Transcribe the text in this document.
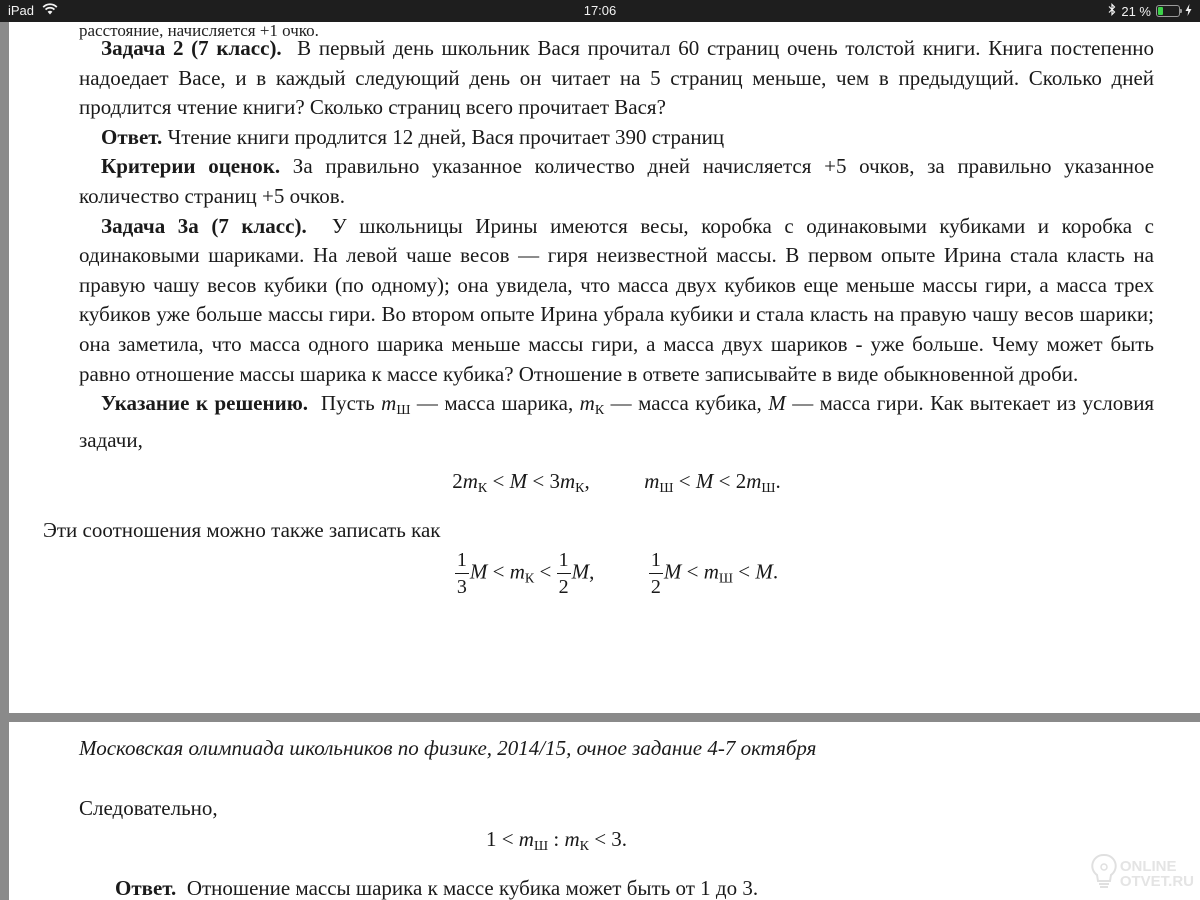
iPad	17:06	21 %
расстояние, начисляется +1 очко.

Задача 2 (7 класс). В первый день школьник Вася прочитал 60 страниц очень толстой книги. Книга постепенно надоедает Васе, и в каждый следующий день он читает на 5 страниц меньше, чем в предыдущий. Сколько дней продлится чтение книги? Сколько страниц всего прочитает Вася?

Ответ. Чтение книги продлится 12 дней, Вася прочитает 390 страниц

Критерии оценок. За правильно указанное количество дней начисляется +5 очков, за правильно указанное количество страниц +5 очков.

Задача 3а (7 класс). У школьницы Ирины имеются весы, коробка с одинаковыми кубиками и коробка с одинаковыми шариками. На левой чаше весов — гиря неизвестной массы. В первом опыте Ирина стала класть на правую чашу весов кубики (по одному); она увидела, что масса двух кубиков еще меньше массы гири, а масса трех кубиков уже больше массы гири. Во втором опыте Ирина убрала кубики и стала класть на правую чашу весов шарики; она заметила, что масса одного шарика меньше массы гири, а масса двух шариков - уже больше. Чему может быть равно отношение массы шарика к массе кубика? Отношение в ответе записывайте в виде обыкновенной дроби.

Указание к решению. Пусть $m_Ш$ — масса шарика, $m_К$ — масса кубика, M — масса гири. Как вытекает из условия задачи,

$2m_К < M < 3m_К$,	$m_Ш < M < 2m_Ш$.

Эти соотношения можно также записать как

$\frac{1}{3}$ $M < m_К < \frac{1}{2} M$,	$\frac{1}{2}$ $M < m_Ш < M$.

Московская олимпиада школьников по физике, 2014/15, очное задание 4-7 октября

Следовательно,

$1 < m_Ш$ : $m_К < 3$.

Ответ. Отношение массы шарика к массе кубика может быть от 1 до 3.

ONLINE
OTVET.RU
